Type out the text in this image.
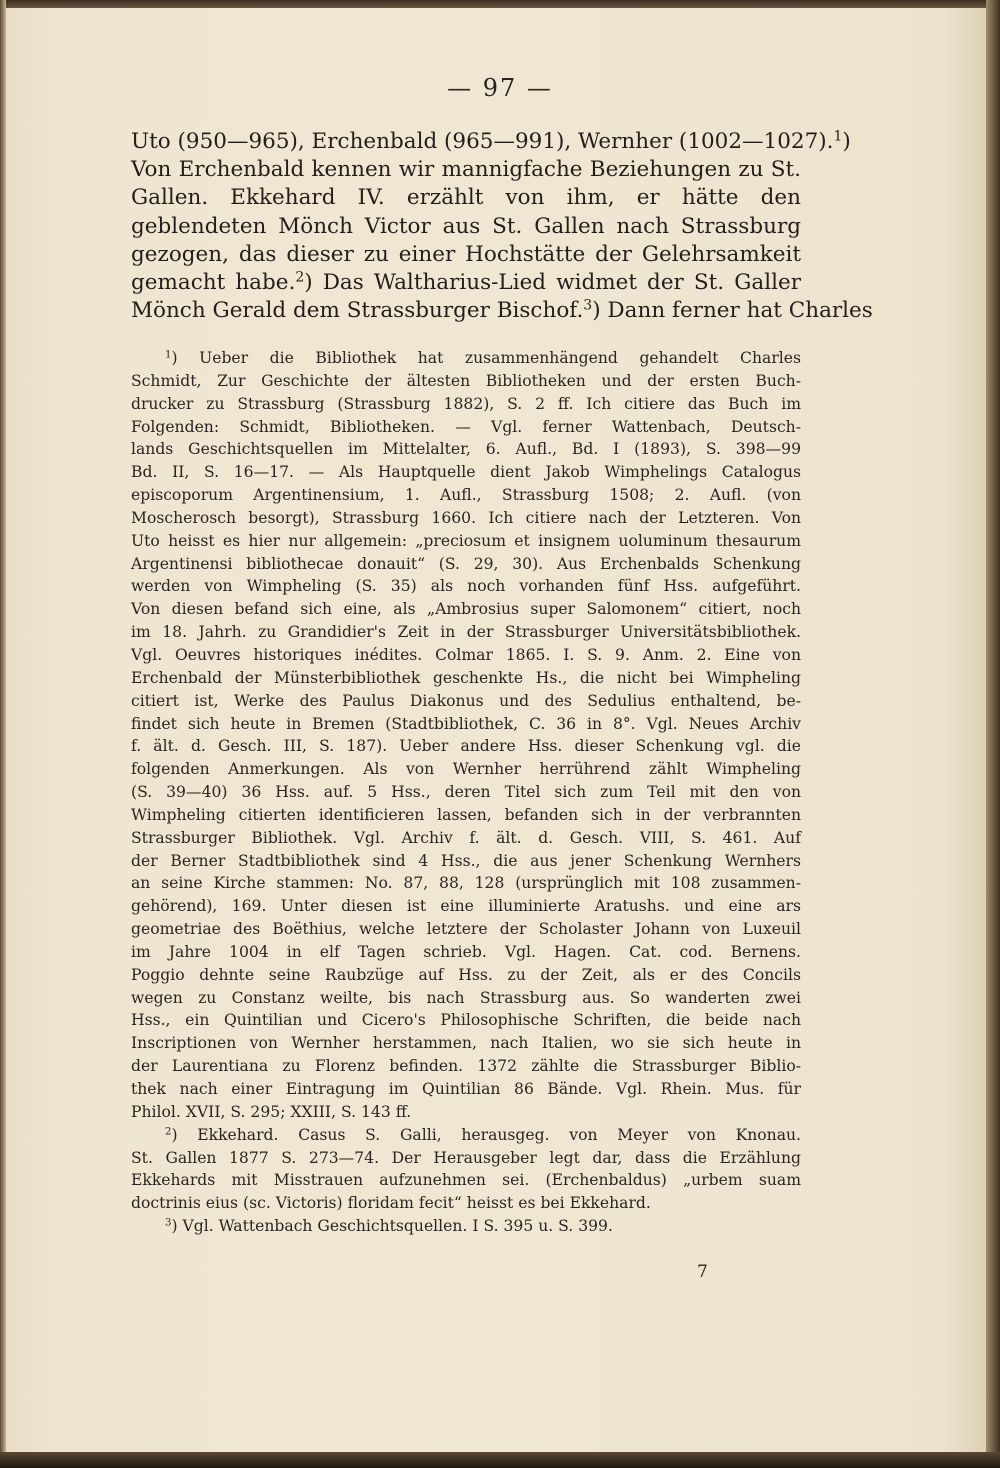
— 97 —
Uto (950—965), Erchenbald (965—991), Wernher (1002—1027).$^1$)
Von Erchenbald kennen wir mannigfache Beziehungen zu St.
Gallen. Ekkehard IV. erzählt von ihm, er hätte den
geblendeten Mönch Victor aus St. Gallen nach Strassburg
gezogen, das dieser zu einer Hochstätte der Gelehrsamkeit
gemacht habe.$^2$) Das Waltharius-Lied widmet der St. Galler
Mönch Gerald dem Strassburger Bischof.$^3$) Dann ferner hat Charles
$^1$) Ueber die Bibliothek hat zusammenhängend gehandelt Charles
Schmidt, Zur Geschichte der ältesten Bibliotheken und der ersten Buch-
drucker zu Strassburg (Strassburg 1882), S. 2 ff. Ich citiere das Buch im
Folgenden: Schmidt, Bibliotheken. — Vgl. ferner Wattenbach, Deutsch-
lands Geschichtsquellen im Mittelalter, 6. Aufl., Bd. I (1893), S. 398—99
Bd. II, S. 16—17. — Als Hauptquelle dient Jakob Wimphelings Catalogus
episcoporum Argentinensium, 1. Aufl., Strassburg 1508; 2. Aufl. (von
Moscherosch besorgt), Strassburg 1660. Ich citiere nach der Letzteren. Von
Uto heisst es hier nur allgemein: „preciosum et insignem uoluminum thesaurum
Argentinensi bibliothecae donauit“ (S. 29, 30). Aus Erchenbalds Schenkung
werden von Wimpheling (S. 35) als noch vorhanden fünf Hss. aufgeführt.
Von diesen befand sich eine, als „Ambrosius super Salomonem“ citiert, noch
im 18. Jahrh. zu Grandidier's Zeit in der Strassburger Universitätsbibliothek.
Vgl. Oeuvres historiques inédites. Colmar 1865. I. S. 9. Anm. 2. Eine von
Erchenbald der Münsterbibliothek geschenkte Hs., die nicht bei Wimpheling
citiert ist, Werke des Paulus Diakonus und des Sedulius enthaltend, be-
findet sich heute in Bremen (Stadtbibliothek, C. 36 in 8°. Vgl. Neues Archiv
f. ält. d. Gesch. III, S. 187). Ueber andere Hss. dieser Schenkung vgl. die
folgenden Anmerkungen. Als von Wernher herrührend zählt Wimpheling
(S. 39—40) 36 Hss. auf. 5 Hss., deren Titel sich zum Teil mit den von
Wimpheling citierten identificieren lassen, befanden sich in der verbrannten
Strassburger Bibliothek. Vgl. Archiv f. ält. d. Gesch. VIII, S. 461. Auf
der Berner Stadtbibliothek sind 4 Hss., die aus jener Schenkung Wernhers
an seine Kirche stammen: No. 87, 88, 128 (ursprünglich mit 108 zusammen-
gehörend), 169. Unter diesen ist eine illuminierte Aratushs. und eine ars
geometriae des Boëthius, welche letztere der Scholaster Johann von Luxeuil
im Jahre 1004 in elf Tagen schrieb. Vgl. Hagen. Cat. cod. Bernens.
Poggio dehnte seine Raubzüge auf Hss. zu der Zeit, als er des Concils
wegen zu Constanz weilte, bis nach Strassburg aus. So wanderten zwei
Hss., ein Quintilian und Cicero's Philosophische Schriften, die beide nach
Inscriptionen von Wernher herstammen, nach Italien, wo sie sich heute in
der Laurentiana zu Florenz befinden. 1372 zählte die Strassburger Biblio-
thek nach einer Eintragung im Quintilian 86 Bände. Vgl. Rhein. Mus. für
Philol. XVII, S. 295; XXIII, S. 143 ff.
$^2$) Ekkehard. Casus S. Galli, herausgeg. von Meyer von Knonau.
St. Gallen 1877 S. 273—74. Der Herausgeber legt dar, dass die Erzählung
Ekkehards mit Misstrauen aufzunehmen sei. (Erchenbaldus) „urbem suam
doctrinis eius (sc. Victoris) floridam fecit“ heisst es bei Ekkehard.
$^3$) Vgl. Wattenbach Geschichtsquellen. I S. 395 u. S. 399.
7
